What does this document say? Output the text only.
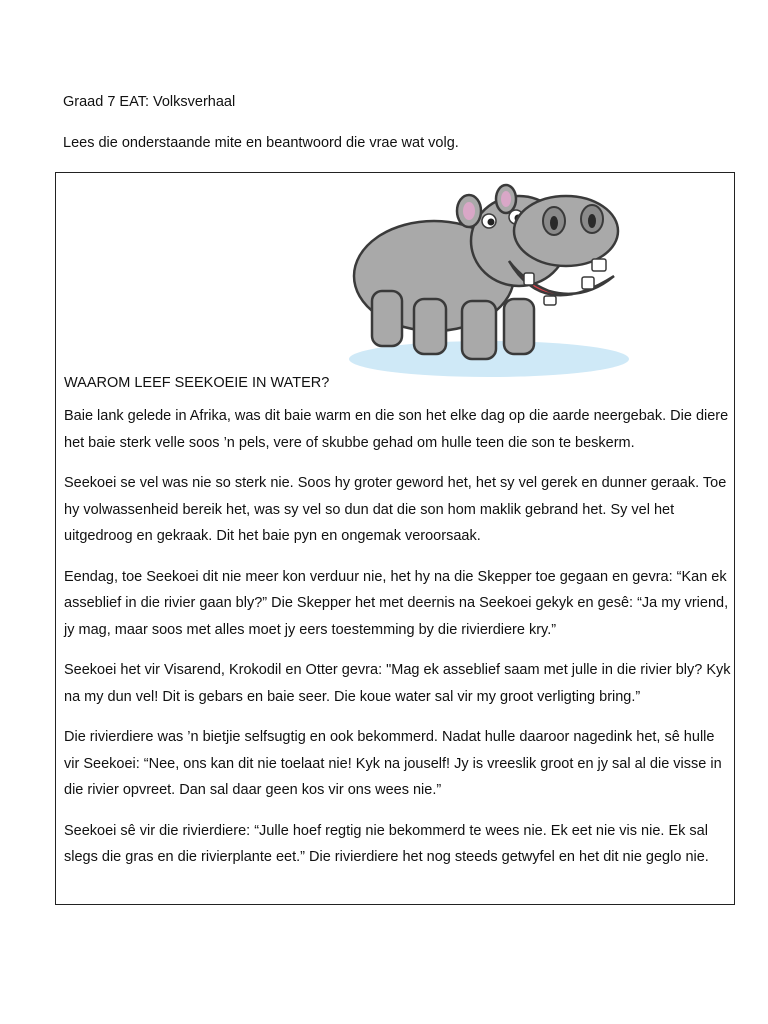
Graad 7 EAT: Volksverhaal
Lees die onderstaande mite en beantwoord die vrae wat volg.
WAAROM LEEF SEEKOEIE IN WATER?

Baie lank gelede in Afrika, was dit baie warm en die son het elke dag op die aarde neergebak. Die diere het baie sterk velle soos ’n pels, vere of skubbe gehad om hulle teen die son te beskerm.

Seekoei se vel was nie so sterk nie. Soos hy groter geword het, het sy vel gerek en dunner geraak. Toe hy volwassenheid bereik het, was sy vel so dun dat die son hom maklik gebrand het. Sy vel het uitgedroog en gekraak. Dit het baie pyn en ongemak veroorsaak.

Eendag, toe Seekoei dit nie meer kon verduur nie, het hy na die Skepper toe gegaan en gevra: “Kan ek asseblief in die rivier gaan bly?” Die Skepper het met deernis na Seekoei gekyk en gesê: “Ja my vriend, jy mag, maar soos met alles moet jy eers toestemming by die rivierdiere kry.”

Seekoei het vir Visarend, Krokodil en Otter gevra: "Mag ek asseblief saam met julle in die rivier bly? Kyk na my dun vel! Dit is gebars en baie seer. Die koue water sal vir my groot verligting bring.”

Die rivierdiere was ’n bietjie selfsugtig en ook bekommerd. Nadat hulle daaroor nagedink het, sê hulle vir Seekoei: “Nee, ons kan dit nie toelaat nie! Kyk na jouself! Jy is vreeslik groot en jy sal al die visse in die rivier opvreet. Dan sal daar geen kos vir ons wees nie.”

Seekoei sê vir die rivierdiere: “Julle hoef regtig nie bekommerd te wees nie. Ek eet nie vis nie. Ek sal slegs die gras en die rivierplante eet.” Die rivierdiere het nog steeds getwyfel en het dit nie geglo nie.
